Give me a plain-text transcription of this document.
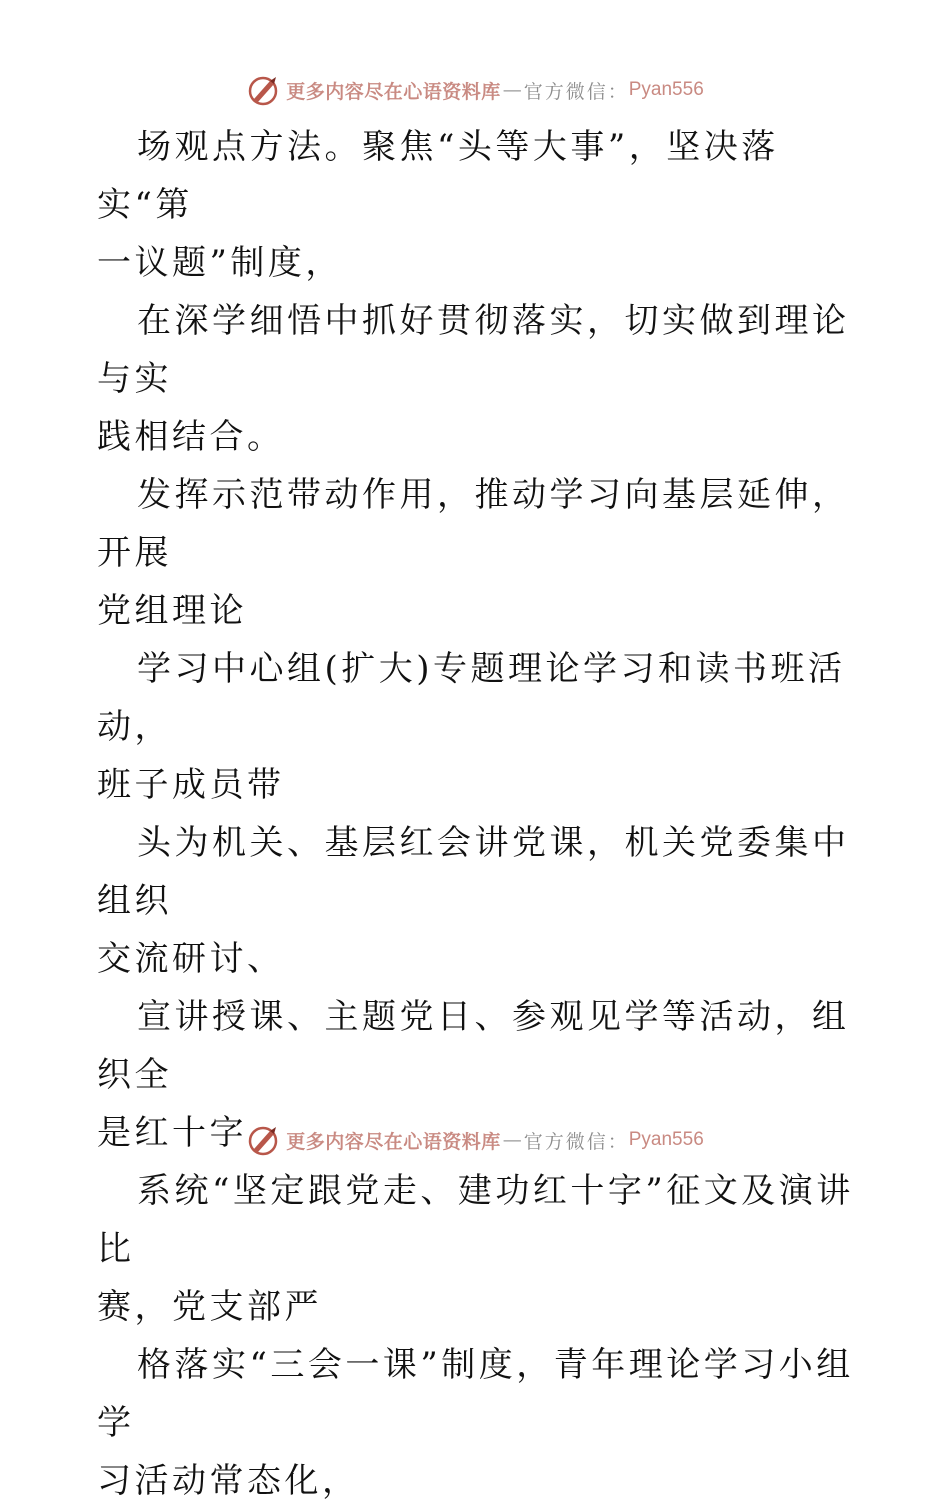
更多内容尽在心语资料库 — 官方微信： Pyan556

场观点方法。聚焦“头等大事”，坚决落实“第
一议题”制度，

在深学细悟中抓好贯彻落实，切实做到理论与实
践相结合。

发挥示范带动作用，推动学习向基层延伸，开展
党组理论

学习中心组(扩大)专题理论学习和读书班活动，
班子成员带

头为机关、基层红会讲党课，机关党委集中组织
交流研讨、

宣讲授课、主题党日、参观见学等活动，组织全
是红十字

系统“坚定跟党走、建功红十字”征文及演讲比
赛，党支部严

格落实“三会一课”制度，青年理论学习小组学
习活动常态化，

更多内容尽在心语资料库 — 官方微信： Pyan556
